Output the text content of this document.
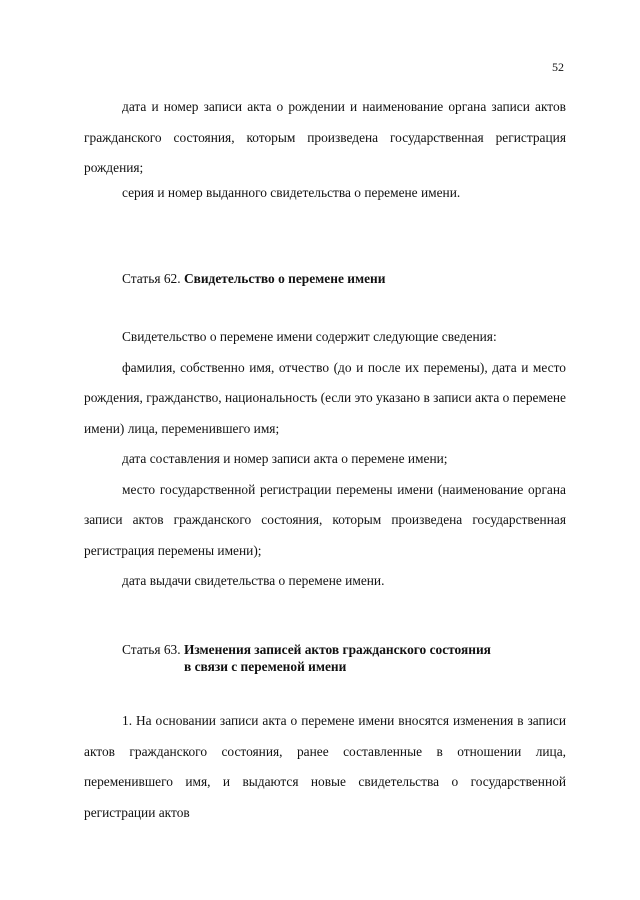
52

дата и номер записи акта о рождении и наименование органа записи актов гражданского состояния, которым произведена государственная регистрация рождения;

серия и номер выданного свидетельства о перемене имени.

Статья 62. Свидетельство о перемене имени

Свидетельство о перемене имени содержит следующие сведения:

фамилия, собственно имя, отчество (до и после их перемены), дата и место рождения, гражданство, национальность (если это указано в записи акта о перемене имени) лица, переменившего имя;

дата составления и номер записи акта о перемене имени;

место государственной регистрации перемены имени (наименование органа записи актов гражданского состояния, которым произведена государственная регистрация перемены имени);

дата выдачи свидетельства о перемене имени.

Статья 63. Изменения записей актов гражданского состояния
в связи с переменой имени

1. На основании записи акта о перемене имени вносятся изменения в записи актов гражданского состояния, ранее составленные в отношении лица, переменившего имя, и выдаются новые свидетельства о государственной регистрации актов
